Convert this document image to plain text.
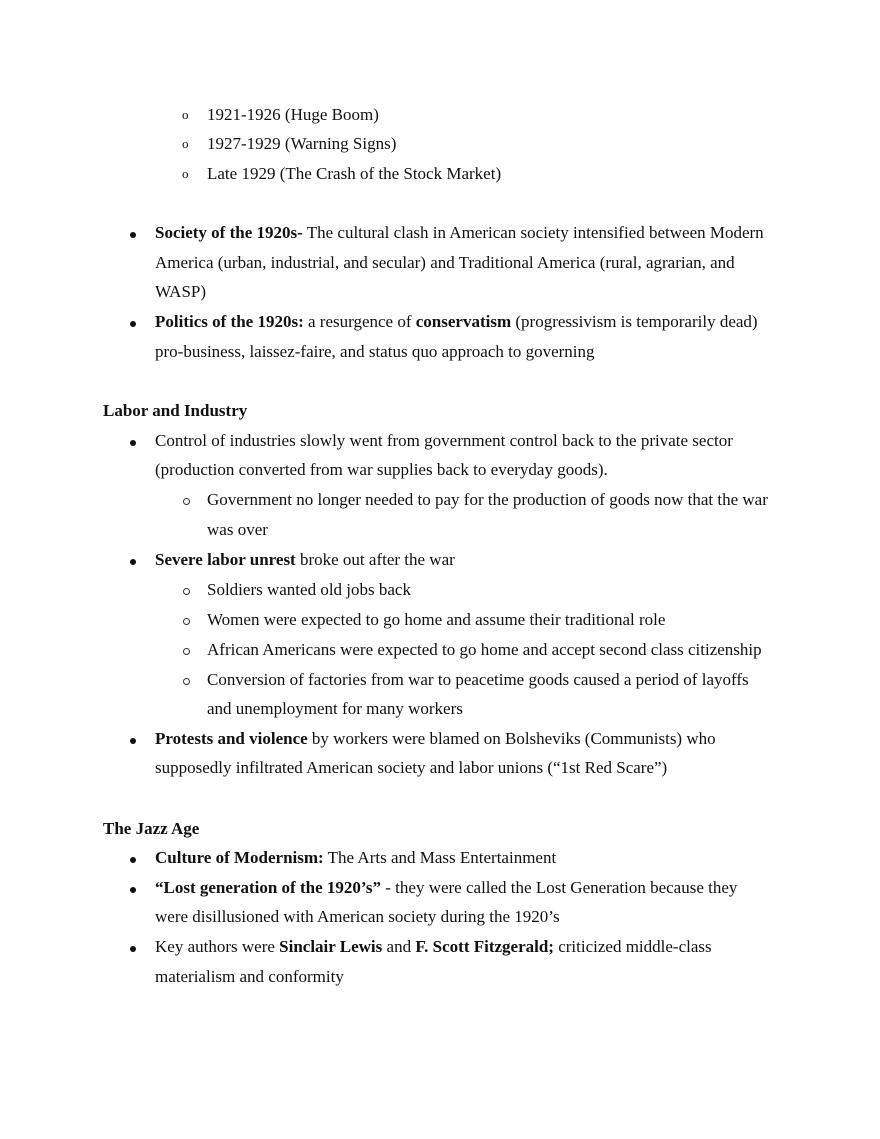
o 1921-1926 (Huge Boom)
o 1927-1929 (Warning Signs)
o Late 1929 (The Crash of the Stock Market)
Society of the 1920s- The cultural clash in American society intensified between Modern
America (urban, industrial, and secular) and Traditional America (rural, agrarian, and
WASP)
Politics of the 1920s: a resurgence of conservatism (progressivism is temporarily dead)
pro-business, laissez-faire, and status quo approach to governing
Labor and Industry
Control of industries slowly went from government control back to the private sector
(production converted from war supplies back to everyday goods).
Government no longer needed to pay for the production of goods now that the war
was over
Severe labor unrest broke out after the war
Soldiers wanted old jobs back
Women were expected to go home and assume their traditional role
African Americans were expected to go home and accept second class citizenship
Conversion of factories from war to peacetime goods caused a period of layoffs
and unemployment for many workers
Protests and violence by workers were blamed on Bolsheviks (Communists) who
supposedly infiltrated American society and labor unions (“1st Red Scare”)
The Jazz Age
Culture of Modernism: The Arts and Mass Entertainment
“Lost generation of the 1920’s” - they were called the Lost Generation because they
were disillusioned with American society during the 1920’s
Key authors were Sinclair Lewis and F. Scott Fitzgerald; criticized middle-class
materialism and conformity
